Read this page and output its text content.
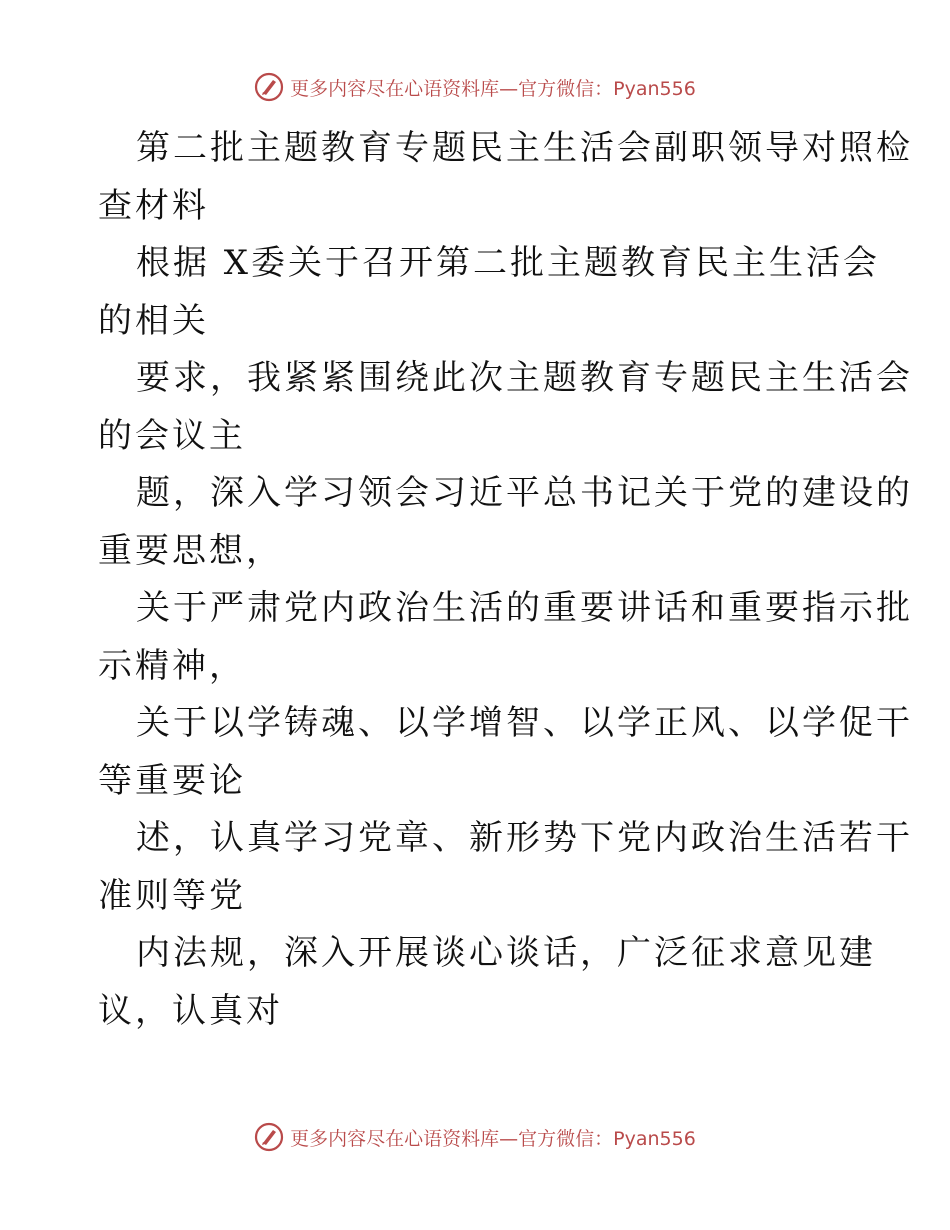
更多内容尽在心语资料库—官方微信：Pyan556
第二批主题教育专题民主生活会副职领导对照检
查材料
根据 X委关于召开第二批主题教育民主生活会
的相关
要求，我紧紧围绕此次主题教育专题民主生活会
的会议主
题，深入学习领会习近平总书记关于党的建设的
重要思想，
关于严肃党内政治生活的重要讲话和重要指示批
示精神，
关于以学铸魂、以学增智、以学正风、以学促干
等重要论
述，认真学习党章、新形势下党内政治生活若干
准则等党
内法规，深入开展谈心谈话，广泛征求意见建
议，认真对
更多内容尽在心语资料库—官方微信：Pyan556
